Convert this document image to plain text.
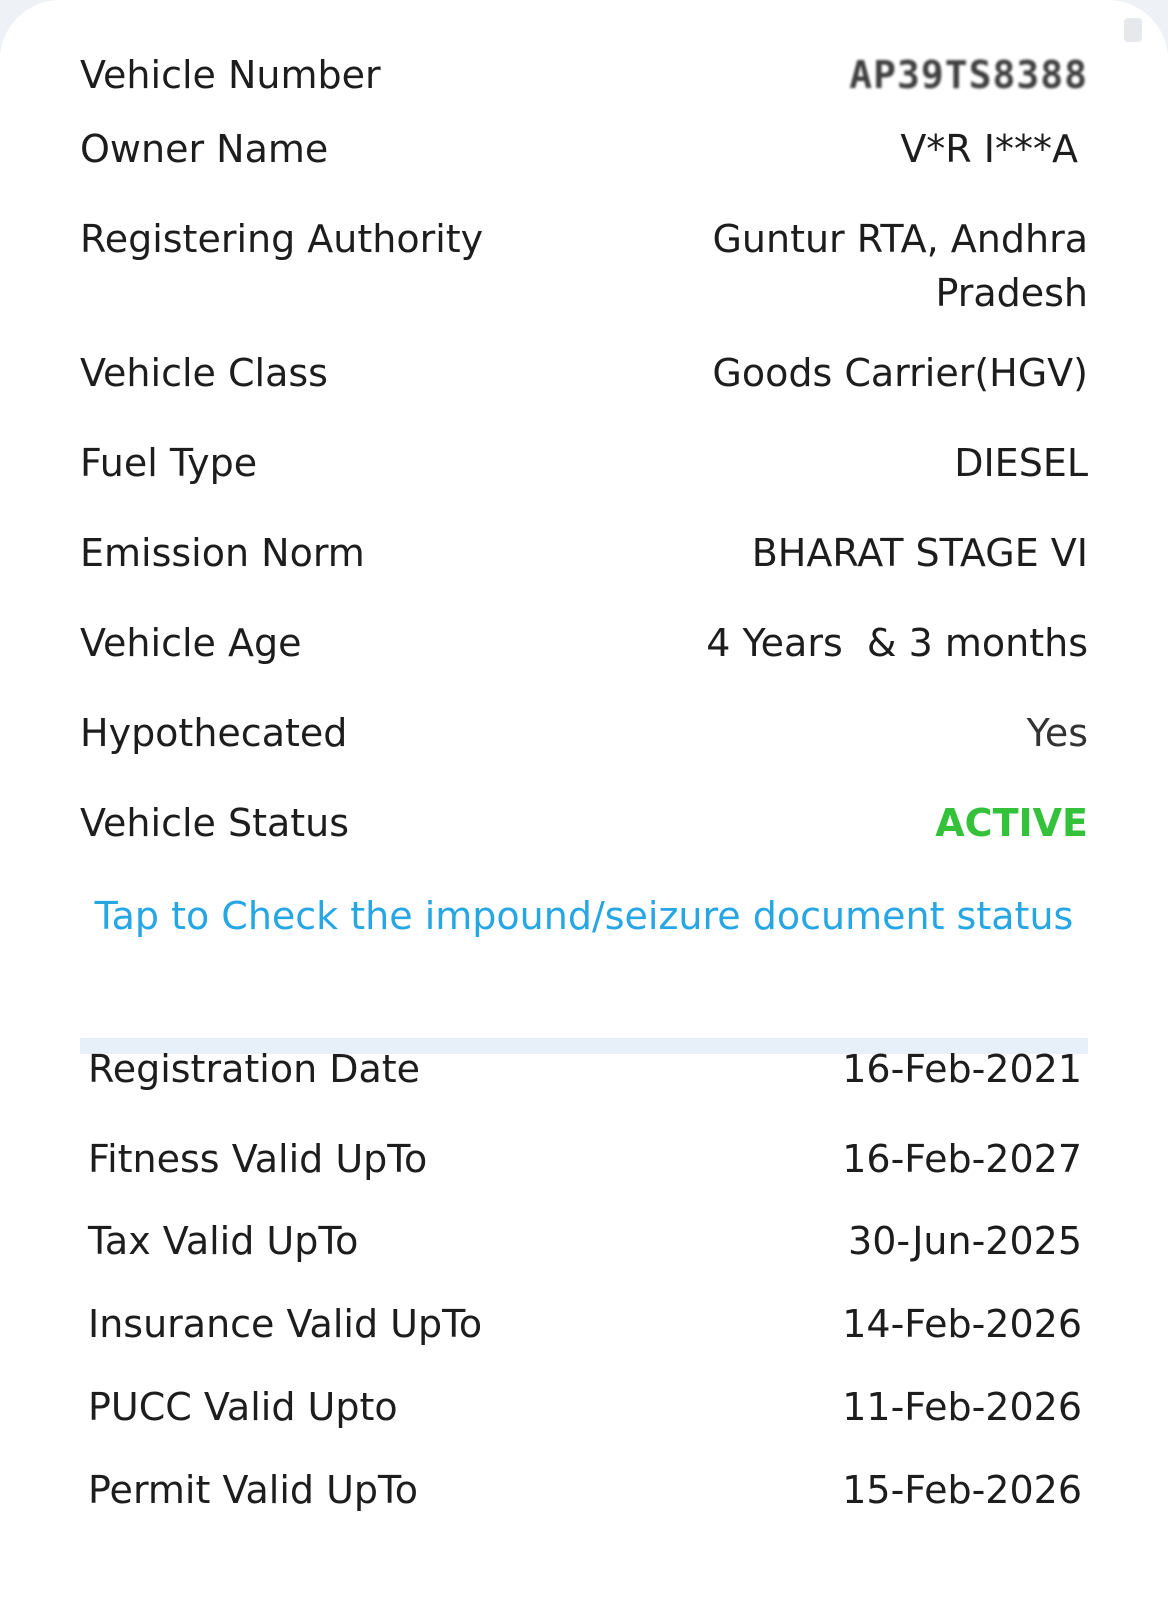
Vehicle Number	AP39TS8388
Owner Name	V*R I***A
Registering Authority	Guntur RTA, Andhra Pradesh
Vehicle Class	Goods Carrier(HGV)
Fuel Type	DIESEL
Emission Norm	BHARAT STAGE VI
Vehicle Age	4 Years  & 3 months
Hypothecated	Yes
Vehicle Status	ACTIVE
Tap to Check the impound/seizure document status
Registration Date	16-Feb-2021
Fitness Valid UpTo	16-Feb-2027
Tax Valid UpTo	30-Jun-2025
Insurance Valid UpTo	14-Feb-2026
PUCC Valid Upto	11-Feb-2026
Permit Valid UpTo	15-Feb-2026
